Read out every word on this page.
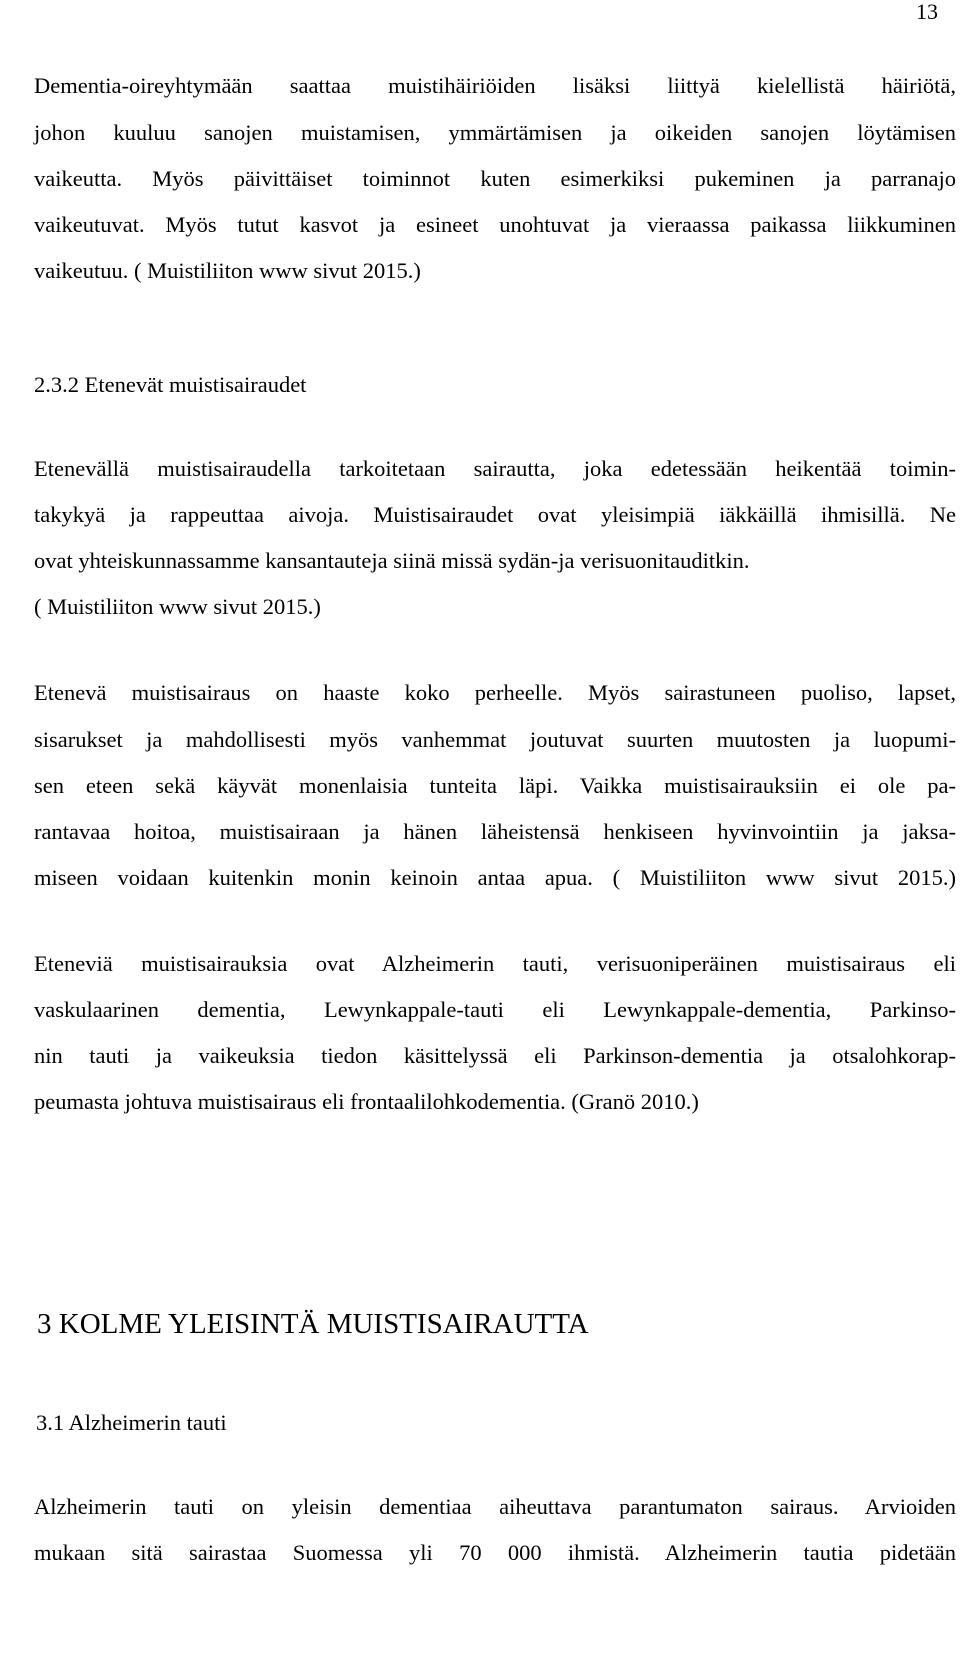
13
Dementia-oireyhtymään saattaa muistihäiriöiden lisäksi liittyä kielellistä häiriötä,
johon kuuluu sanojen muistamisen, ymmärtämisen ja oikeiden sanojen löytämisen
vaikeutta. Myös päivittäiset toiminnot kuten esimerkiksi pukeminen ja parranajo
vaikeutuvat. Myös tutut kasvot ja esineet unohtuvat ja vieraassa paikassa liikkuminen
vaikeutuu. ( Muistiliiton www sivut 2015.)
2.3.2 Etenevät muistisairaudet
Etenevällä muistisairaudella tarkoitetaan sairautta, joka edetessään heikentää toimin-
takykyä ja rappeuttaa aivoja. Muistisairaudet ovat yleisimpiä iäkkäillä ihmisillä. Ne
ovat yhteiskunnassamme kansantauteja siinä missä sydän-ja verisuonitauditkin.
( Muistiliiton www sivut 2015.)
Etenevä muistisairaus on haaste koko perheelle. Myös sairastuneen puoliso, lapset,
sisarukset ja mahdollisesti myös vanhemmat joutuvat suurten muutosten ja luopumi-
sen eteen sekä käyvät monenlaisia tunteita läpi. Vaikka muistisairauksiin ei ole pa-
rantavaa hoitoa, muistisairaan ja hänen läheistensä henkiseen hyvinvointiin ja jaksa-
miseen voidaan kuitenkin monin keinoin antaa apua. ( Muistiliiton www sivut 2015.)
Eteneviä muistisairauksia ovat Alzheimerin tauti, verisuoniperäinen muistisairaus eli
vaskulaarinen dementia, Lewynkappale-tauti eli Lewynkappale-dementia, Parkinso-
nin tauti ja vaikeuksia tiedon käsittelyssä eli Parkinson-dementia ja otsalohkorap-
peumasta johtuva muistisairaus eli frontaalilohkodementia. (Granö 2010.)
3 KOLME YLEISINTÄ MUISTISAIRAUTTA
3.1 Alzheimerin tauti
Alzheimerin tauti on yleisin dementiaa aiheuttava parantumaton sairaus. Arvioiden
mukaan sitä sairastaa Suomessa yli 70 000 ihmistä. Alzheimerin tautia pidetään
